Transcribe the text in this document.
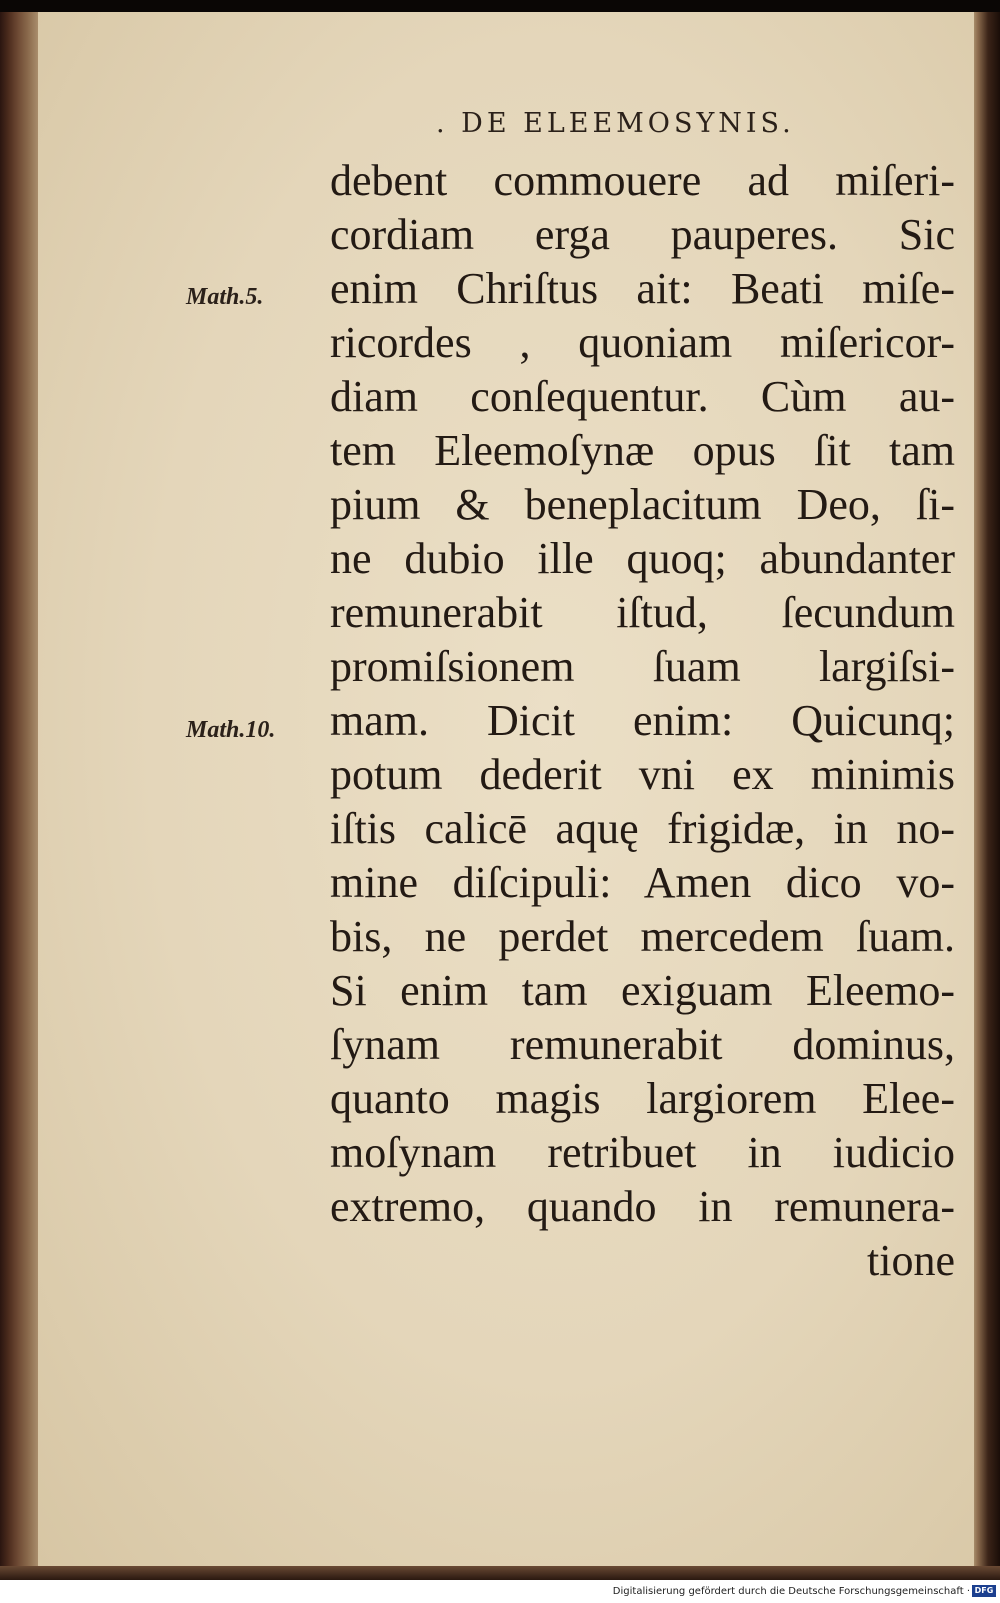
. DE ELEEMOSYNIS.
Math.5.
Math.10.
debent commouere ad miſeri-
cordiam erga pauperes. Sic
enim Chriſtus ait: Beati miſe-
ricordes , quoniam miſericor-
diam conſequentur. Cùm au-
tem Eleemoſynæ opus ſit tam
pium & beneplacitum Deo, ſi-
ne dubio ille quoq; abundanter
remunerabit iſtud, ſecundum
promiſsionem ſuam largiſsi-
mam. Dicit enim: Quicunq;
potum dederit vni ex minimis
iſtis calicē aquę frigidæ, in no-
mine diſcipuli: Amen dico vo-
bis, ne perdet mercedem ſuam.
Si enim tam exiguam Eleemo-
ſynam remunerabit dominus,
quanto magis largiorem Elee-
moſynam retribuet in iudicio
extremo, quando in remunera-
tione
Digitalisierung gefördert durch die Deutsche Forschungsgemeinschaft · DFG
